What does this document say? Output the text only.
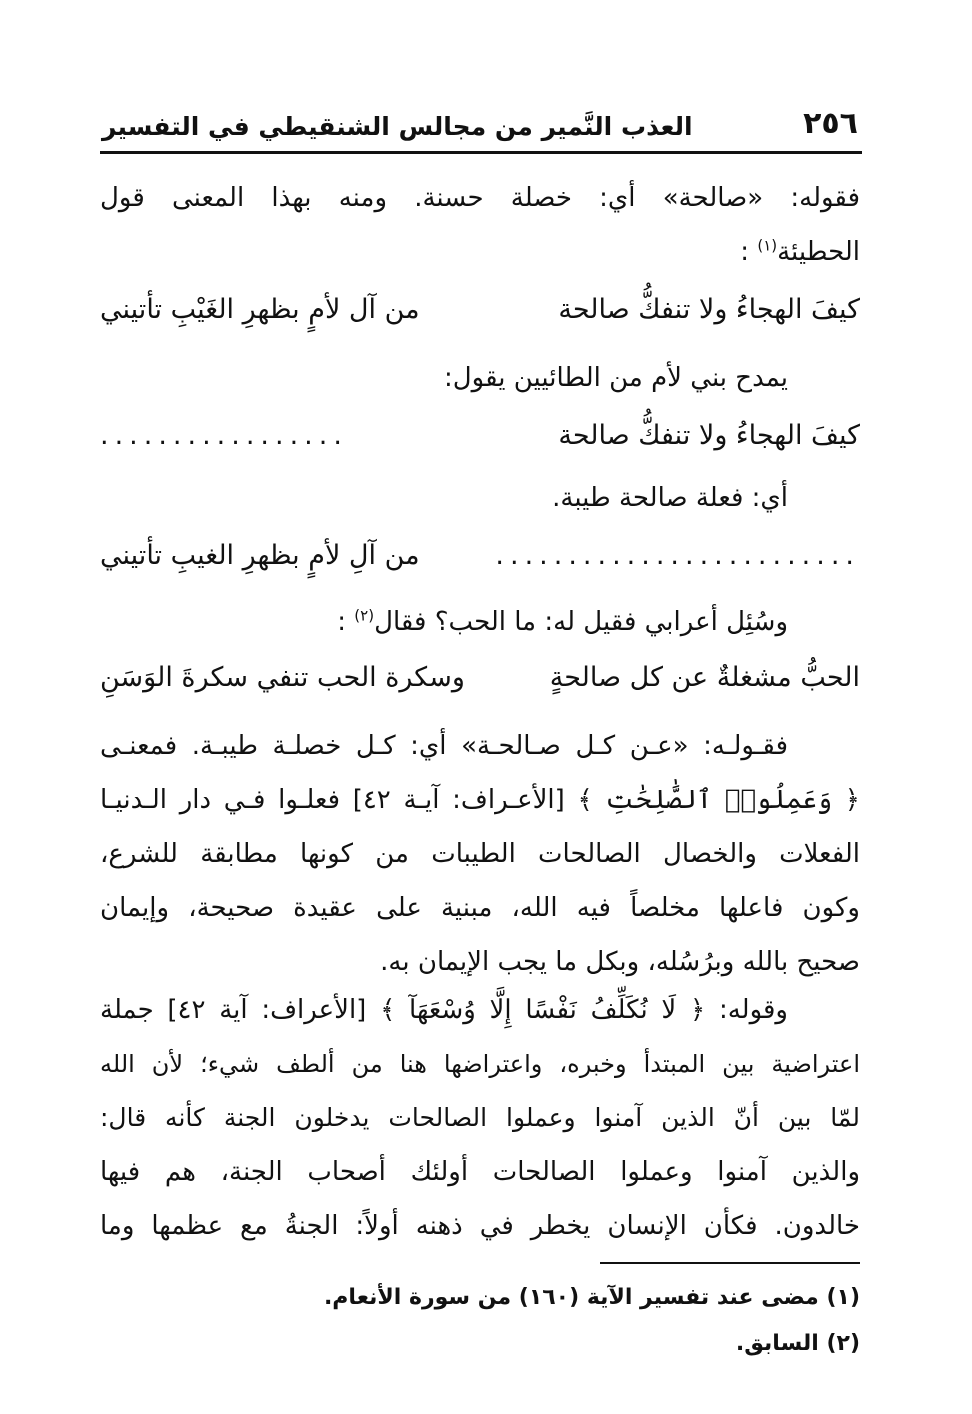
٢٥٦
العذب النَّمير من مجالس الشنقيطي في التفسير
فقوله: «صالحة» أي: خصلة حسنة. ومنه بهذا المعنى قول
الحطيئة$^{(١)}$ :
كيفَ الهجاءُ ولا تنفكُّ صالحة
من آل لأمٍ بظهرِ الغَيْبِ تأتيني
يمدح بني لأم من الطائيين يقول:
كيفَ الهجاءُ ولا تنفكُّ صالحة
.................
أي: فعلة صالحة طيبة.
.........................
من آلِ لأمٍ بظهرِ الغيبِ تأتيني
وسُئِل أعرابي فقيل له: ما الحب؟ فقال$^{(٢)}$ :
الحبُّ مشغلةٌ عن كل صالحةٍ
وسكرة الحب تنفي سكرةَ الوَسَنِ
فقـولـه: «عـن كـل صـالحـة» أي: كـل خصلـة طيبـة. فمعنـى
﴿ وَعَمِلُوا۟ ٱلصَّٰلِحَٰتِ ﴾ [الأعـراف: آيـة ٤٢] فعلـوا فـي دار الـدنيـا
الفعلات والخصال الصالحات الطيبات من كونها مطابقة للشرع،
وكون فاعلها مخلصاً فيه الله، مبنية على عقيدة صحيحة، وإيمان
صحيح بالله وبرُسُله، وبكل ما يجب الإيمان به.
وقوله: ﴿ لَا نُكَلِّفُ نَفْسًا إِلَّا وُسْعَهَآ ﴾ [الأعراف: آية ٤٢] جملة
اعتراضية بين المبتدأ وخبره، واعتراضها هنا من ألطف شيء؛ لأن الله
لمّا بين أنّ الذين آمنوا وعملوا الصالحات يدخلون الجنة كأنه قال:
والذين آمنوا وعملوا الصالحات أولئك أصحاب الجنة، هم فيها
خالدون. فكأن الإنسان يخطر في ذهنه أولاً: الجنةُ مع عظمها وما
(١) مضى عند تفسير الآية (١٦٠) من سورة الأنعام.
(٢) السابق.
